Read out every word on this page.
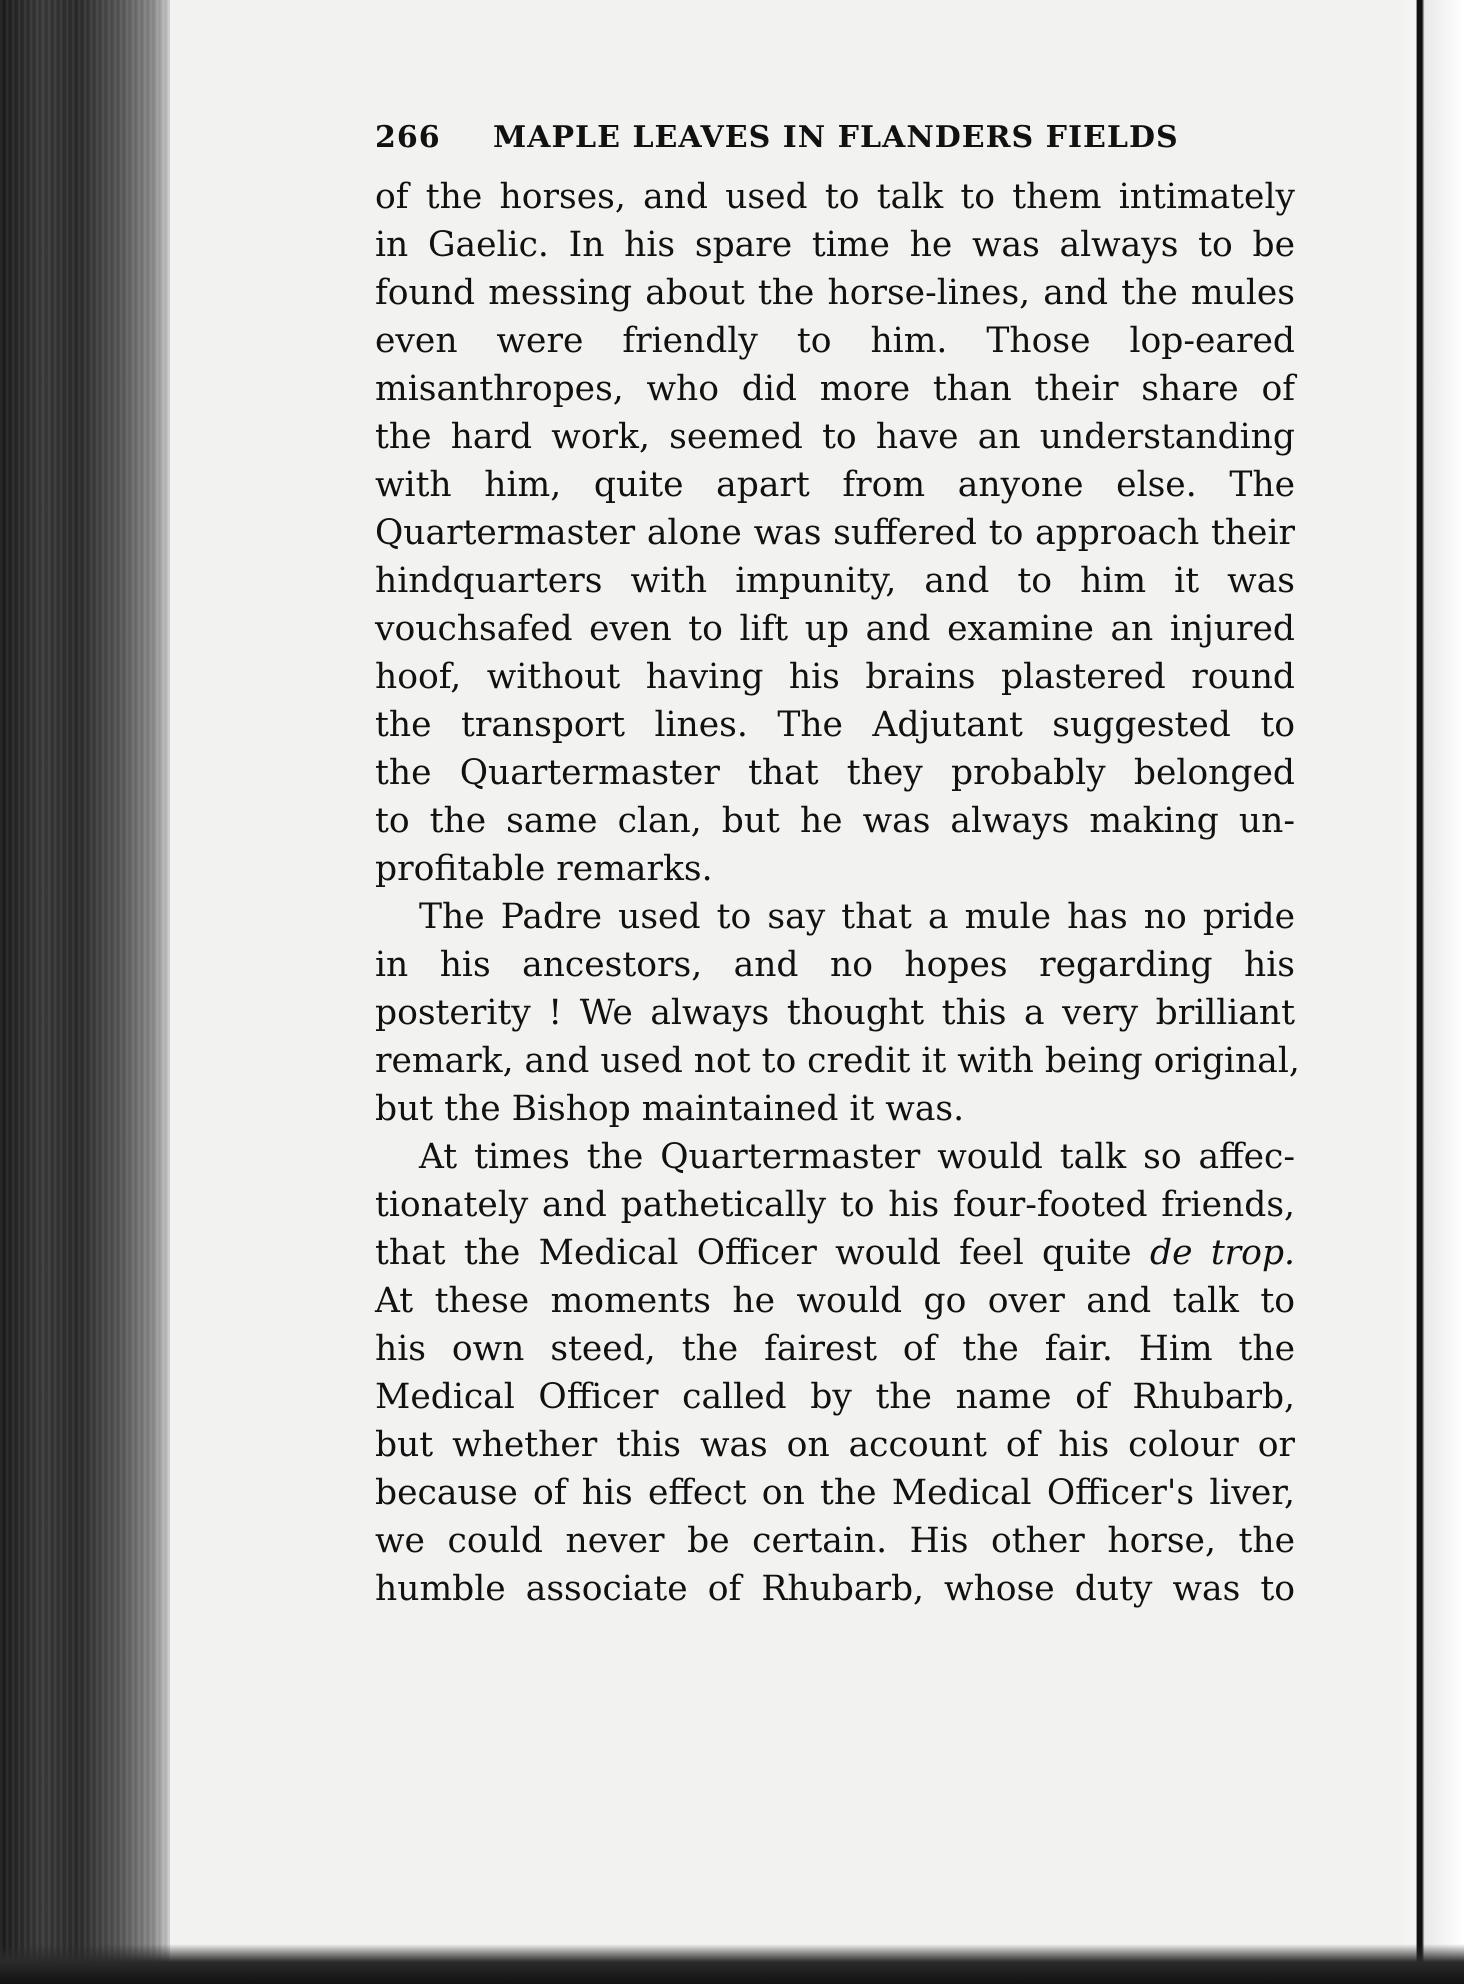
266	MAPLE LEAVES IN FLANDERS FIELDS

of the horses, and used to talk to them intimately
in Gaelic. In his spare time he was always to be
found messing about the horse-lines, and the mules
even were friendly to him. Those lop-eared
misanthropes, who did more than their share of
the hard work, seemed to have an understanding
with him, quite apart from anyone else. The
Quartermaster alone was suffered to approach their
hindquarters with impunity, and to him it was
vouchsafed even to lift up and examine an injured
hoof, without having his brains plastered round
the transport lines. The Adjutant suggested to
the Quartermaster that they probably belonged
to the same clan, but he was always making un-
profitable remarks.

The Padre used to say that a mule has no pride
in his ancestors, and no hopes regarding his
posterity ! We always thought this a very brilliant
remark, and used not to credit it with being original,
but the Bishop maintained it was.

At times the Quartermaster would talk so affec-
tionately and pathetically to his four-footed friends,
that the Medical Officer would feel quite de trop.
At these moments he would go over and talk to
his own steed, the fairest of the fair. Him the
Medical Officer called by the name of Rhubarb,
but whether this was on account of his colour or
because of his effect on the Medical Officer's liver,
we could never be certain. His other horse, the
humble associate of Rhubarb, whose duty was to
